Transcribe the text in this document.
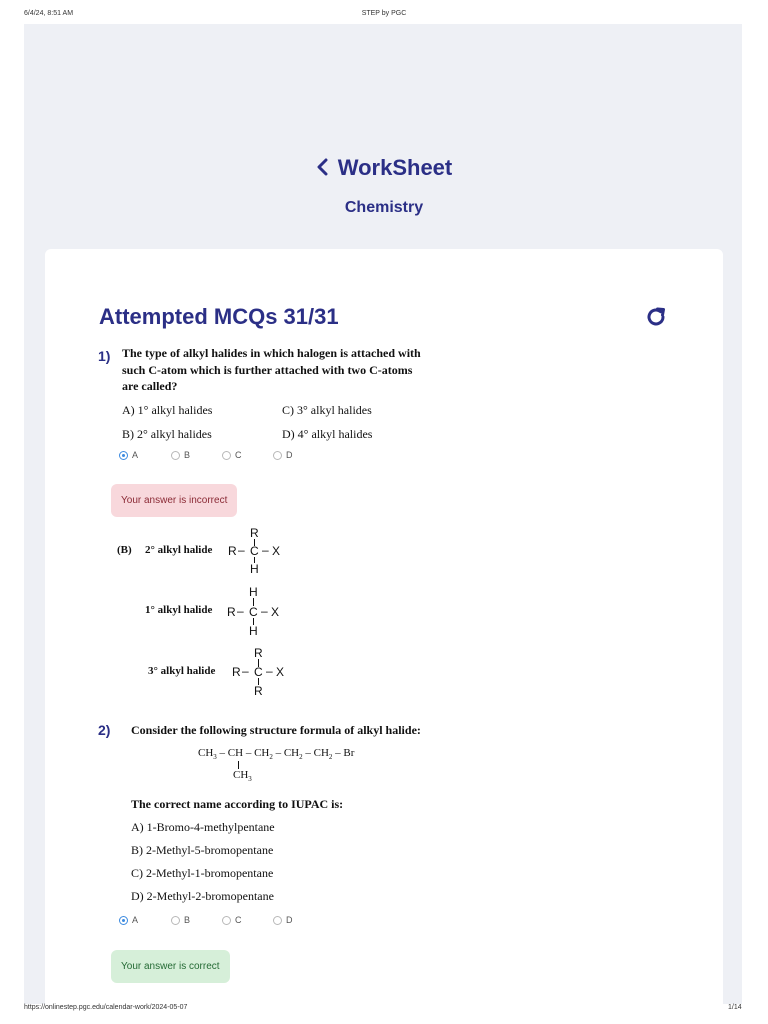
6/4/24, 8:51 AM	STEP by PGC
WorkSheet
Chemistry
Attempted MCQs 31/31
1) The type of alkyl halides in which halogen is attached with
such C-atom which is further attached with two C-atoms
are called?
A) 1° alkyl halides	C) 3° alkyl halides
B) 2° alkyl halides	D) 4° alkyl halides
A	B	C	D
Your answer is incorrect
(B) 2° alkyl halide
1° alkyl halide
3° alkyl halide
R
R – C – X
H
H
R – C – X
H
R
R – C – X
R
2) Consider the following structure formula of alkyl halide:
$CH_3$ – CH – $CH_2 - CH_2 - CH_2$ – Br
$CH_3$
The correct name according to IUPAC is:
A) 1-Bromo-4-methylpentane
B) 2-Methyl-5-bromopentane
C) 2-Methyl-1-bromopentane
D) 2-Methyl-2-bromopentane
A	B	C	D
Your answer is correct
https://onlinestep.pgc.edu/calendar-work/2024-05-07	1/14
